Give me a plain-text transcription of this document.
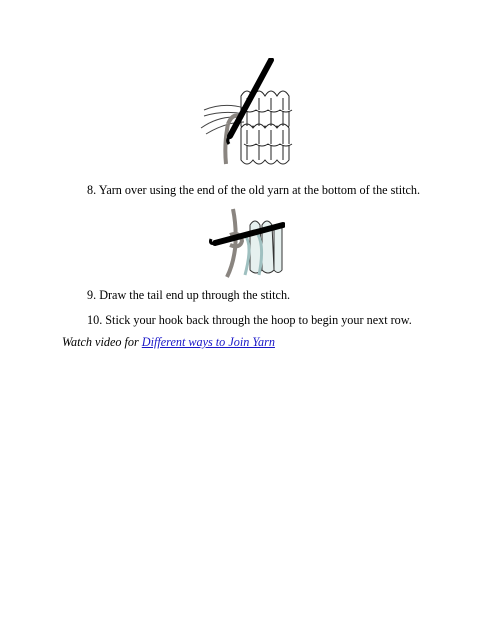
8. Yarn over using the end of the old yarn at the bottom of the stitch.
9. Draw the tail end up through the stitch.
10. Stick your hook back through the hoop to begin your next row.
Watch video for Different ways to Join Yarn
